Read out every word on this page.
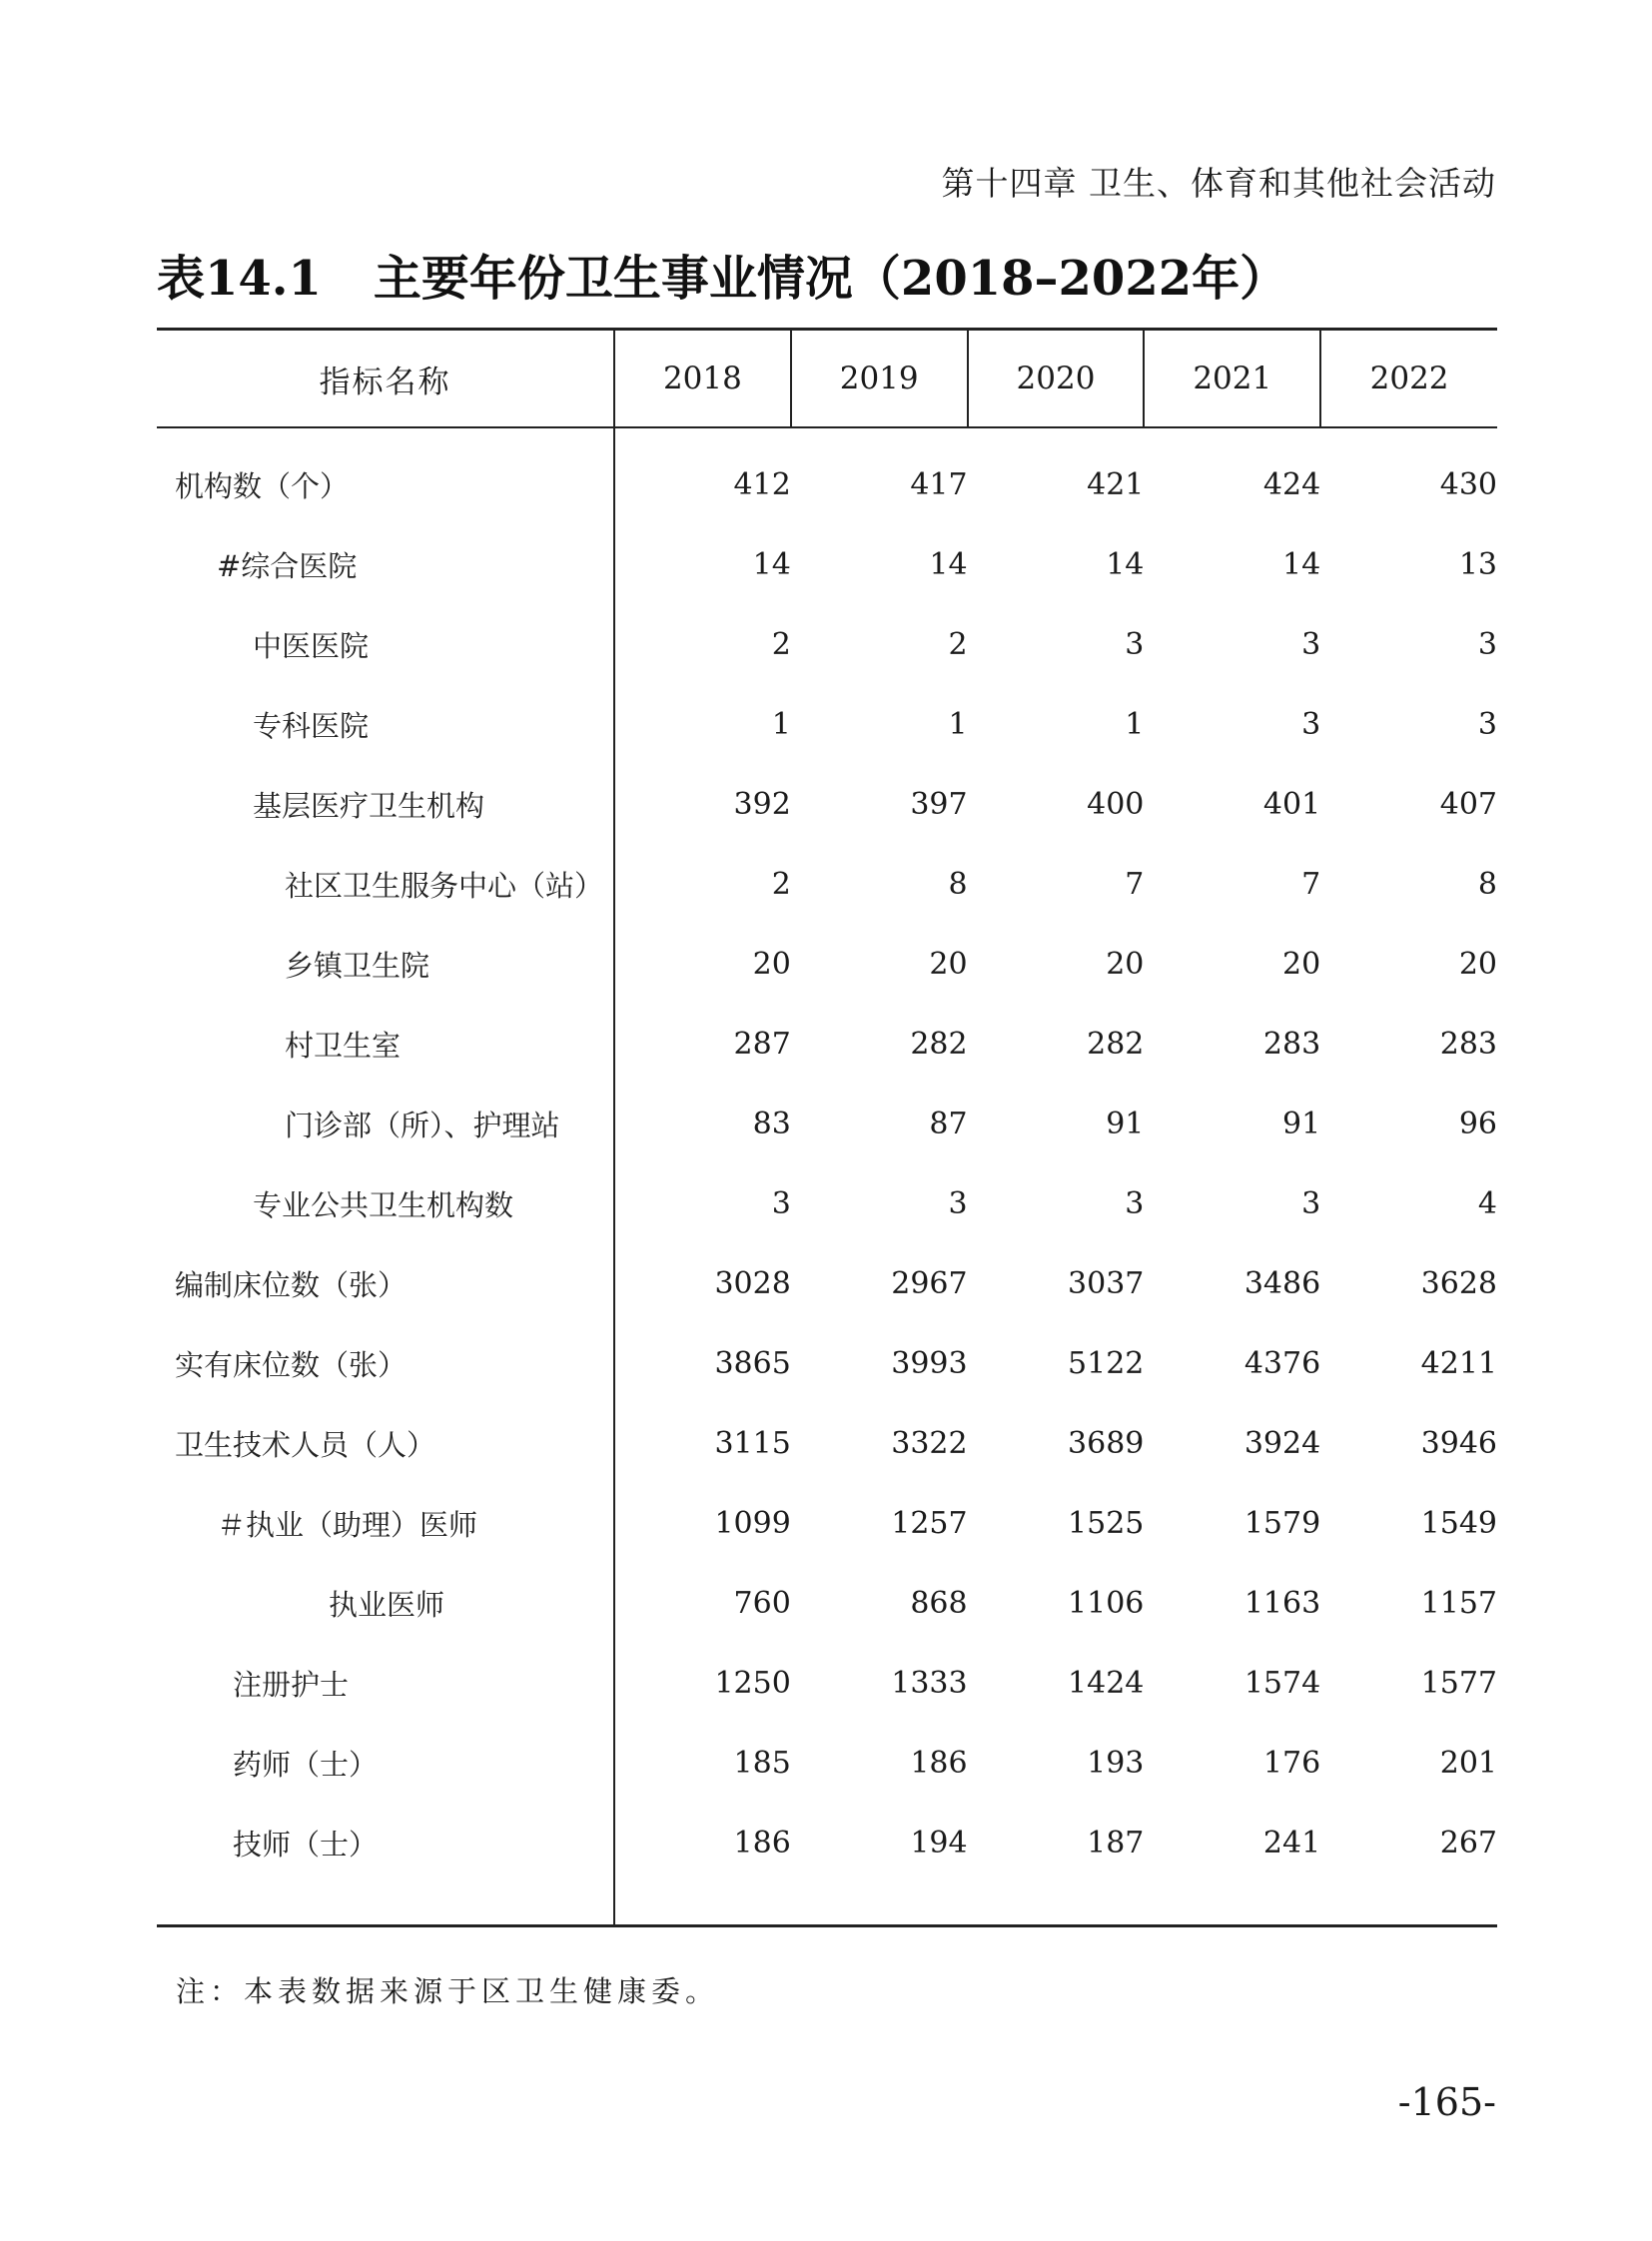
第十四章 卫生、体育和其他社会活动
表14.1 主要年份卫生事业情况（2018–2022年）
指标名称	2018	2019	2020	2021	2022

机构数（个）	412	417	421	424	430
#综合医院	14	14	14	14	13
中医医院	2	2	3	3	3
专科医院	1	1	1	3	3
基层医疗卫生机构	392	397	400	401	407
社区卫生服务中心（站）	2	8	7	7	8
乡镇卫生院	20	20	20	20	20
村卫生室	287	282	282	283	283
门诊部（所）、护理站	83	87	91	91	96
专业公共卫生机构数	3	3	3	3	4
编制床位数（张）	3028	2967	3037	3486	3628
实有床位数（张）	3865	3993	5122	4376	4211
卫生技术人员（人）	3115	3322	3689	3924	3946
＃执业（助理）医师	1099	1257	1525	1579	1549
执业医师	760	868	1106	1163	1157
注册护士	1250	1333	1424	1574	1577
药师（士）	185	186	193	176	201
技师（士）	186	194	187	241	267

注：本表数据来源于区卫生健康委。
-165-
